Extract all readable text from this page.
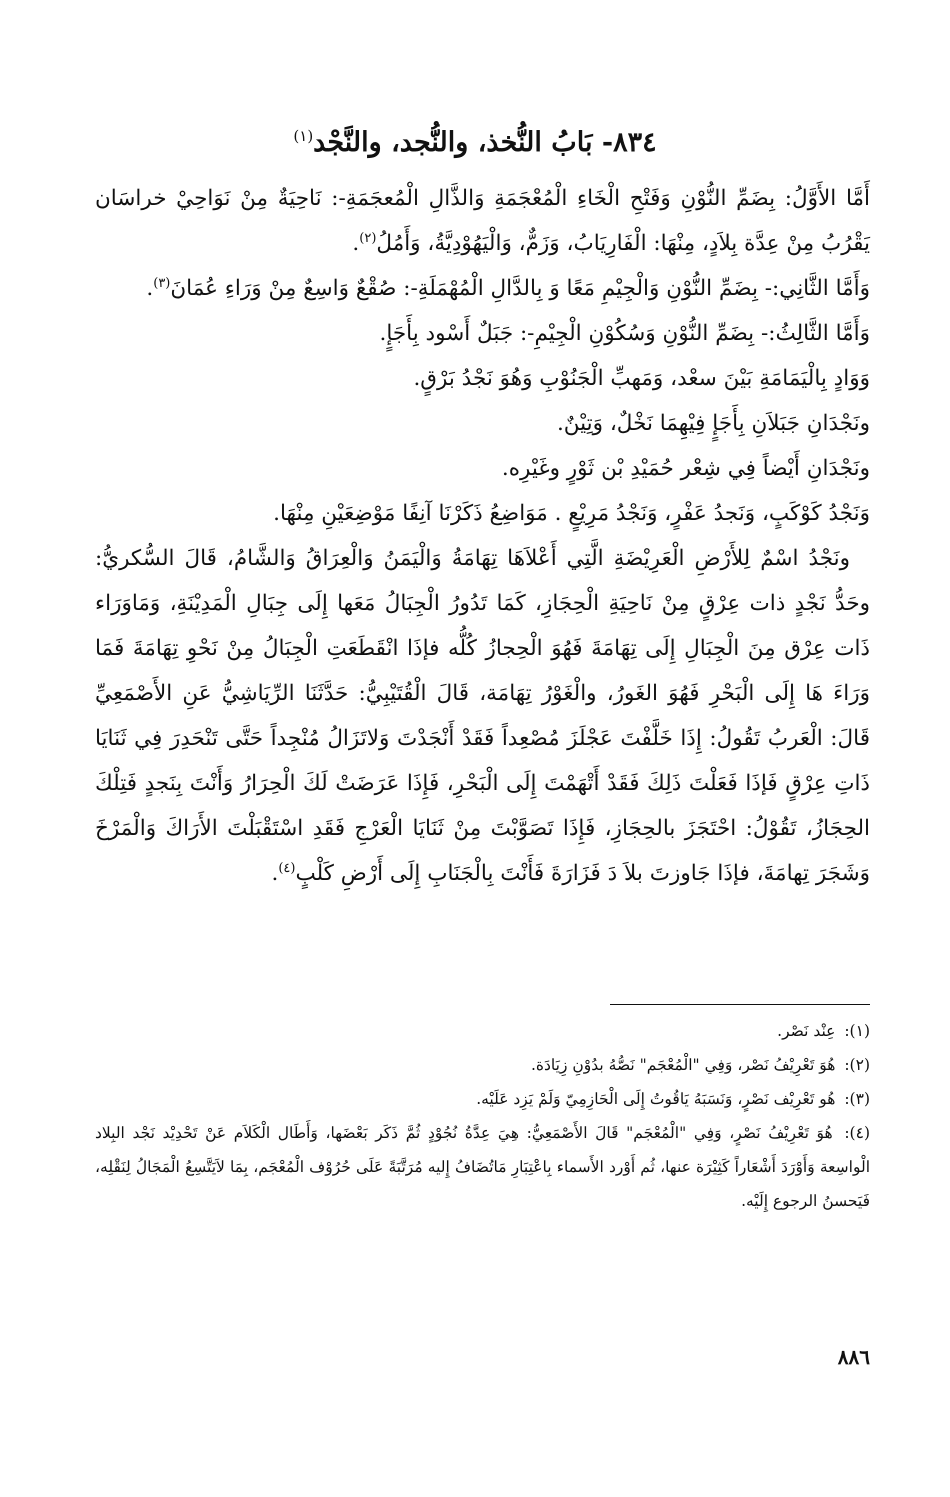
٨٣٤- بَابُ النُّخذ، والنُّجد، والنَّجْد$^{(١)}$

أَمَّا الأَوَّلُ: بِضَمِّ النُّوْنِ وَفَتْحِ الْخَاءِ الْمُعْجَمَةِ وَالذَّالِ الْمُعجَمَةِ-: نَاحِيَةٌ مِنْ نَوَاحِيْ خراسَان يَقْرُبُ مِنْ عِدَّة بِلاَدٍ، مِنْهَا: الْفَارِيَابُ، وَزَمٌّ، وَالْيَهُوْدِيَّةُ، وَأَمُلُ$^{(٢)}$.

وَأَمَّا الثَّانِي:- بِضَمِّ النُّوْنِ وَالْجِيْمِ مَعًا وَ بِالدَّالِ الْمُهْمَلَةِ-: صُقْعٌ وَاسِعٌ مِنْ وَرَاءِ عُمَانَ$^{(٣)}$.

وَأَمَّا الثَّالِثُ:- بِضَمِّ النُّوْنِ وَسُكُوْنِ الْجِيْمِ-: جَبَلٌ أَسْود بِأَجَإٍ.

وَوَادٍ بِالْيَمَامَةِ بَيْنَ سعْد، وَمَهبِّ الْجَنُوْبِ وَهُوَ نَجْدُ بَرْقٍ.

ونَجْدَانِ جَبَلاَنِ بِأَجَإٍ فِيْهِمَا نَخْلٌ، وَتِيْنٌ.

ونَجْدَانِ أَيْضاً فِي شِعْر حُمَيْدِ بْن ثَوْرٍ وغَيْرِه.

وَنَجْدُ كَوْكَبٍ، وَنَجدُ عَفْرٍ، وَنَجْدُ مَرِيْعٍ . مَوَاضِعُ ذَكَرْنَا آنِفًا مَوْضِعَيْنِ مِنْهَا.

ونَجْدُ اسْمٌ لِلأَرْضِ الْعَرِيْضَةِ الَّتِي أَعْلاَهَا تِهَامَةُ وَالْيَمَنُ وَالْعِرَاقُ وَالشَّامُ، قَالَ السُّكريُّ: وحَدُّ نَجْدٍ ذات عِرْقٍ مِنْ نَاحِيَةِ الْحِجَازِ، كَمَا تَدُورُ الْجِبَالُ مَعَها إِلَى جِبَالِ الْمَدِيْنَةِ، وَمَاوَرَاء ذَات عِرْق مِنَ الْجِبَالِ إِلَى تِهَامَةَ فَهُوَ الْحِجازُ كُلُّه فإذَا انْقَطَعَتِ الْجِبَالُ مِنْ نَحْوِ تِهَامَةَ فَمَا وَرَاءَ هَا إِلَى الْبَحْرِ فَهُوَ الغَورُ، والْغَوْرُ تِهَامَة، قَالَ الْقُتَيْبِيُّ: حَدَّثَنَا الرِّيَاشِيُّ عَنِ الأَصْمَعِيِّ قَالَ: الْعَربُ تَقُولُ: إِذَا خَلَّفْتَ عَجْلَزَ مُصْعِداً فَقَدْ أَنْجَدْتَ وَلاتَزَالُ مُنْجِداً حَتَّى تَنْحَدِرَ فِي ثَنَايَا ذَاتِ عِرْقٍ فَإذَا فَعَلْتَ ذَلِكَ فَقَدْ أَتْهَمْتَ إِلَى الْبَحْرِ، فَإِذَا عَرَضَتْ لَكَ الْحِرَارُ وَأَنْتَ بِنَجدٍ فَتِلْكَ الحِجَازُ، تَقُوْلُ: احْتَجَزَ بالحِجَازِ، فَإِذَا تَصَوَّبْتَ مِنْ ثَنَايَا الْعَرْجِ فَقَدِ اسْتَقْبَلْتَ الأَرَاكَ وَالْمَرْخَ وَشَجَرَ تِهامَةَ، فإذَا جَاوزتَ بلاَ دَ فَزَارَةَ فَأَنْتَ بِالْجَنَابِ إِلَى أَرْضِ كَلْبٍ$^{(٤)}$.

(١): عِنْد نَصْر.

(٢): هُوَ تَعْرِيْفُ نَصْر، وَفِي "الْمُعْجَم" نَصُّهُ بدُوْنِ زِيَادَة.

(٣): هُو تَعْرِيْف نَصْرٍ، وَنَسَبَهُ يَاقُوتُ إِلَى الْحَازِمِيّ وَلَمْ يَزِد عَلَيْه.

(٤): هُوَ تَعْرِيْفُ نَصْرٍ، وَفِي "الْمُعْجَم" قَالَ الأَصْمَعِيُّ: هِيَ عِدَّةُ نُجُوْدٍ ثُمَّ ذَكَر بَعْضَها، وَأَطَال الْكَلاَم عَنْ تَحْدِيْد نَجْد البِلاد الْواسِعة وَأَوْرَدَ أَشْعَاراً كَثِيْرَة عنها، ثُم أَوْرد الأَسماء بِاعْتِبَارِ مَاتُضَافُ إِليه مُرَتَّبَةً عَلَى حُرُوْف الْمُعْجَم، بِمَا لاَيَتَّسِعُ الْمَجَالُ لِنَقْلِه، فَيَحسنُ الرجوع إِلَيْه.

٨٨٦
